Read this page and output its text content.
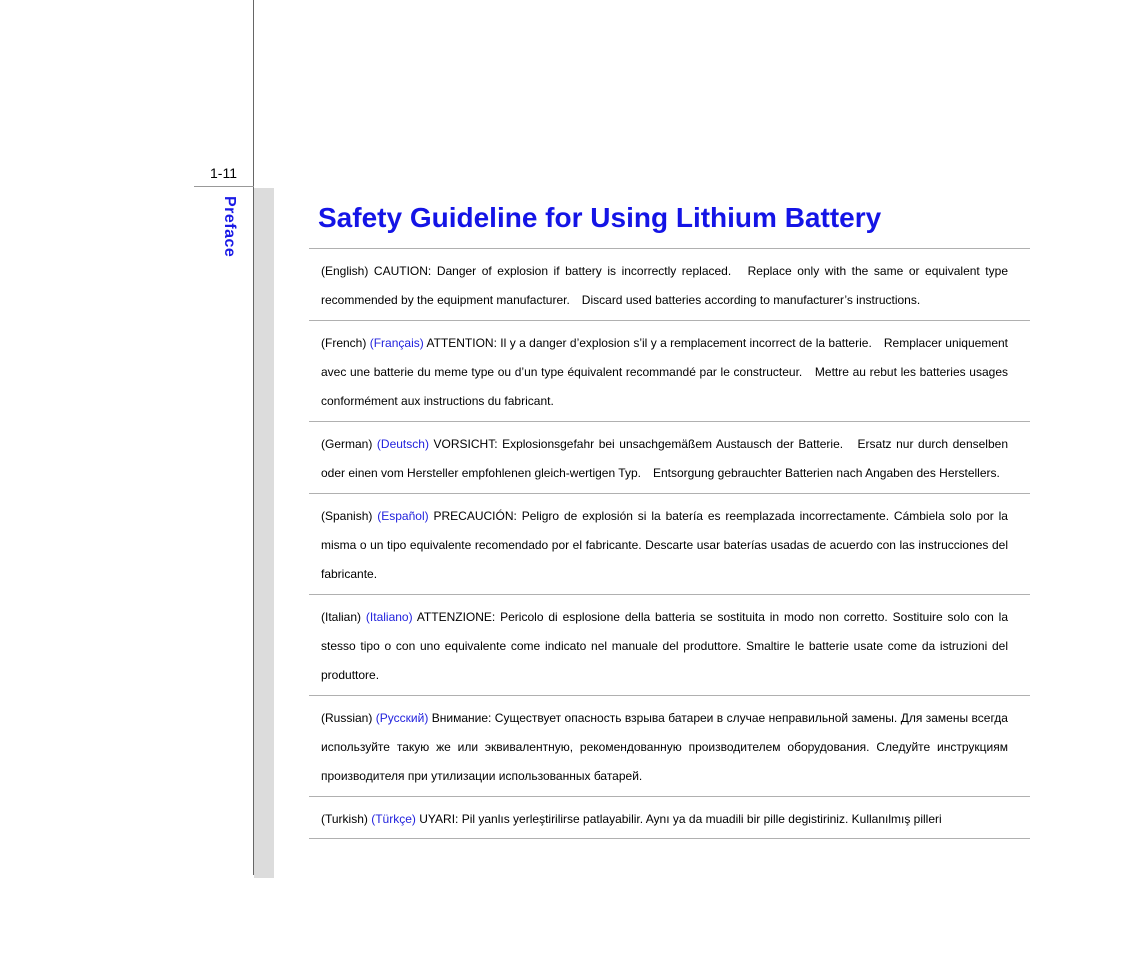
1-11
Preface	Safety Guideline for Using Lithium Battery
(English) CAUTION: Danger of explosion if battery is incorrectly replaced.　Replace only with the same or equivalent type recommended by the equipment manufacturer.　Discard used batteries according to manufacturer’s instructions.
(French) (Français) ATTENTION: Il y a danger d’explosion s’il y a remplacement incorrect de la batterie.　Remplacer uniquement avec une batterie du meme type ou d’un type équivalent recommandé par le constructeur.　Mettre au rebut les batteries usages conformément aux instructions du fabricant.
(German) (Deutsch) VORSICHT: Explosionsgefahr bei unsachgemäßem Austausch der Batterie.　Ersatz nur durch denselben oder einen vom Hersteller empfohlenen gleich-wertigen Typ.　Entsorgung gebrauchter Batterien nach Angaben des Herstellers.
(Spanish) (Español) PRECAUCIÓN: Peligro de explosión si la batería es reemplazada incorrectamente. Cámbiela solo por la misma o un tipo equivalente recomendado por el fabricante. Descarte usar baterías usadas de acuerdo con las instrucciones del fabricante.
(Italian) (Italiano) ATTENZIONE: Pericolo di esplosione della batteria se sostituita in modo non corretto. Sostituire solo con la stesso tipo o con uno equivalente come indicato nel manuale del produttore. Smaltire le batterie usate come da istruzioni del produttore.
(Russian) (Русский) Внимание: Существует опасность взрыва батареи в случае неправильной замены. Для замены всегда используйте такую же или эквивалентную, рекомендованную производителем оборудования. Следуйте инструкциям производителя при утилизации использованных батарей.
(Turkish) (Türkçe) UYARI: Pil yanlıs yerleştirilirse patlayabilir. Aynı ya da muadili bir pille degistiriniz. Kullanılmış pilleri
